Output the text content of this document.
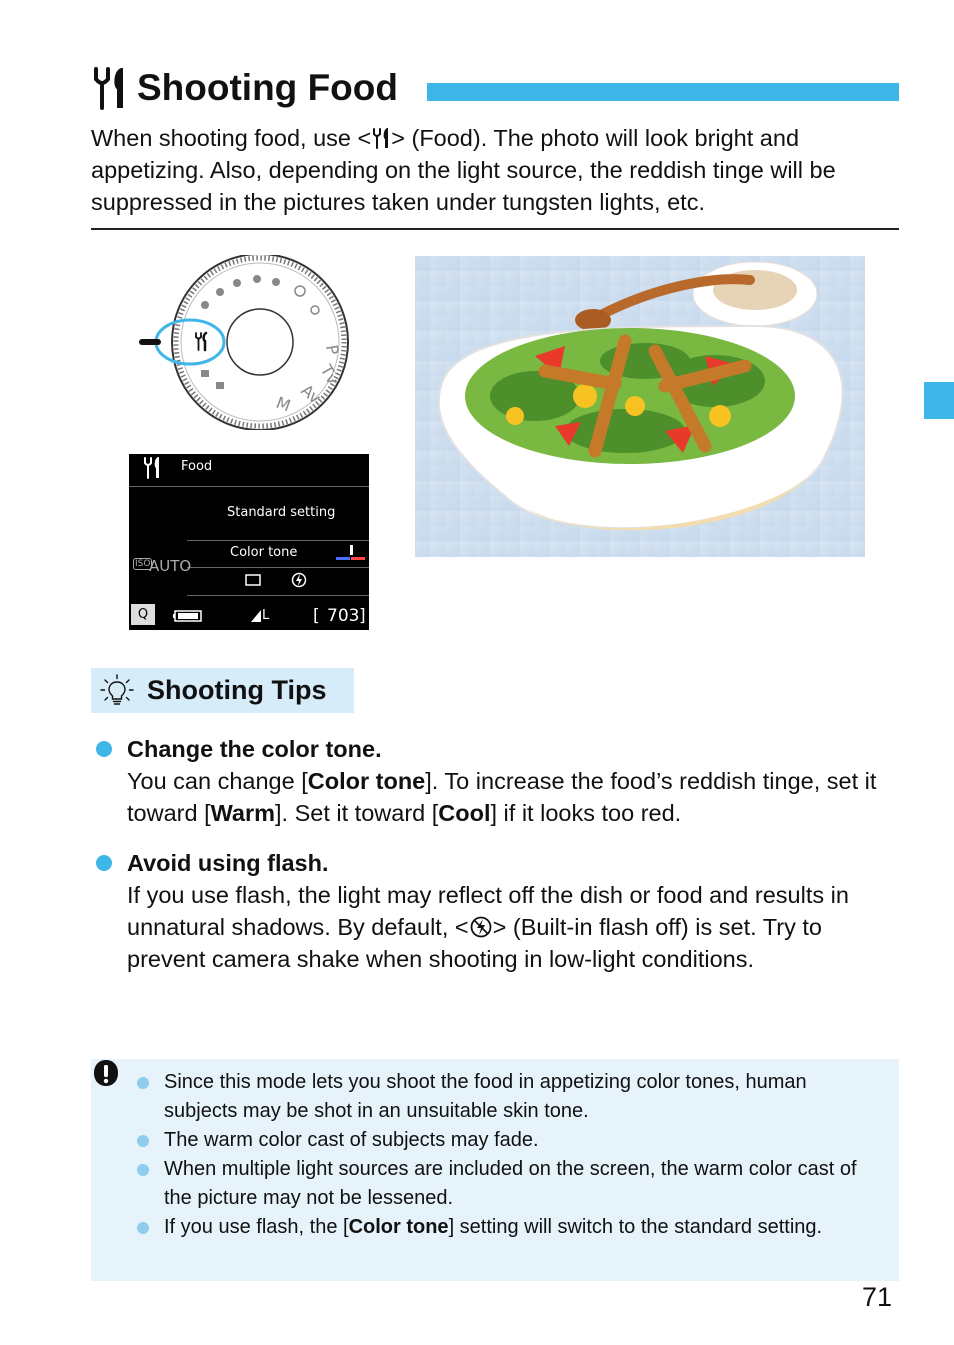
Shooting Food
When shooting food, use < > (Food). The photo will look bright and appetizing. Also, depending on the light source, the reddish tinge will be suppressed in the pictures taken under tungsten lights, etc.
P
Tv
Av
M
Food
Standard setting
Color tone
ISO
AUTO
Q	L	[ 703 ]
Shooting Tips
Change the color tone.
You can change [Color tone]. To increase the food’s reddish tinge, set it toward [Warm]. Set it toward [Cool] if it looks too red.
Avoid using flash.
If you use flash, the light may reflect off the dish or food and results in unnatural shadows. By default, < > (Built-in flash off) is set. Try to prevent camera shake when shooting in low-light conditions.
Since this mode lets you shoot the food in appetizing color tones, human subjects may be shot in an unsuitable skin tone.
The warm color cast of subjects may fade.
When multiple light sources are included on the screen, the warm color cast of the picture may not be lessened.
If you use flash, the [Color tone] setting will switch to the standard setting.
71
